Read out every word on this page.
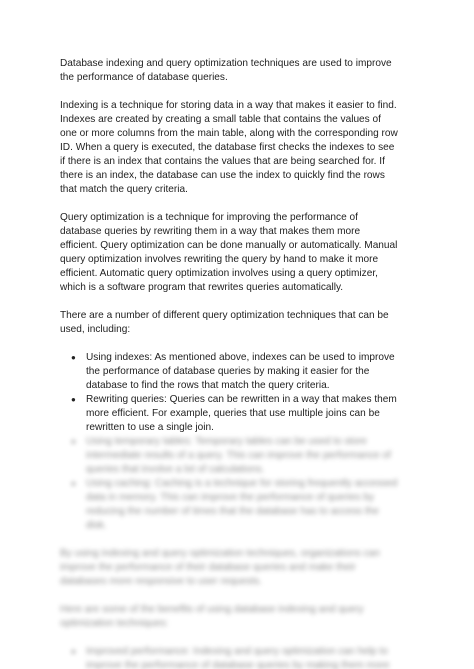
Database indexing and query optimization techniques are used to improve the performance of database queries.

Indexing is a technique for storing data in a way that makes it easier to find. Indexes are created by creating a small table that contains the values of one or more columns from the main table, along with the corresponding row ID. When a query is executed, the database first checks the indexes to see if there is an index that contains the values that are being searched for. If there is an index, the database can use the index to quickly find the rows that match the query criteria.

Query optimization is a technique for improving the performance of database queries by rewriting them in a way that makes them more efficient. Query optimization can be done manually or automatically. Manual query optimization involves rewriting the query by hand to make it more efficient. Automatic query optimization involves using a query optimizer, which is a software program that rewrites queries automatically.

There are a number of different query optimization techniques that can be used, including:

● Using indexes: As mentioned above, indexes can be used to improve the performance of database queries by making it easier for the database to find the rows that match the query criteria.
● Rewriting queries: Queries can be rewritten in a way that makes them more efficient. For example, queries that use multiple joins can be rewritten to use a single join.
● Using temporary tables: Temporary tables can be used to store intermediate results of a query. This can improve the performance of queries that involve a lot of calculations.
● Using caching: Caching is a technique for storing frequently accessed data in memory. This can improve the performance of queries by reducing the number of times that the database has to access the disk.

By using indexing and query optimization techniques, organizations can improve the performance of their database queries and make their databases more responsive to user requests.

Here are some of the benefits of using database indexing and query optimization techniques:

● Improved performance: Indexing and query optimization can help to improve the performance of database queries by making them more
